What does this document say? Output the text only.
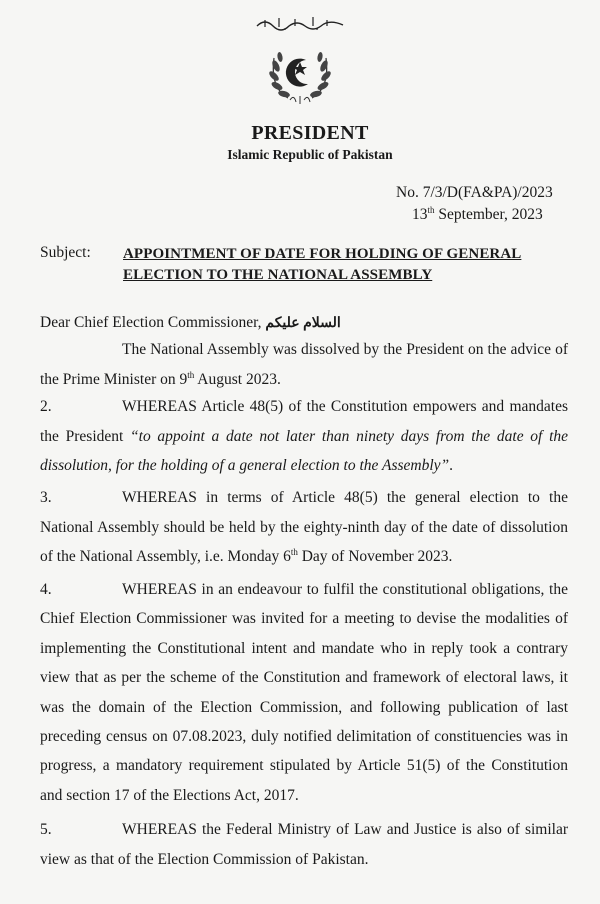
PRESIDENT
Islamic Republic of Pakistan
No. 7/3/D(FA&PA)/2023
13th September, 2023
Subject: APPOINTMENT OF DATE FOR HOLDING OF GENERAL ELECTION TO THE NATIONAL ASSEMBLY
Dear Chief Election Commissioner, السلام علیکم
The National Assembly was dissolved by the President on the advice of the Prime Minister on 9th August 2023.
2.	WHEREAS Article 48(5) of the Constitution empowers and mandates the President “to appoint a date not later than ninety days from the date of the dissolution, for the holding of a general election to the Assembly”.
3.	WHEREAS in terms of Article 48(5) the general election to the National Assembly should be held by the eighty-ninth day of the date of dissolution of the National Assembly, i.e. Monday 6th Day of November 2023.
4.	WHEREAS in an endeavour to fulfil the constitutional obligations, the Chief Election Commissioner was invited for a meeting to devise the modalities of implementing the Constitutional intent and mandate who in reply took a contrary view that as per the scheme of the Constitution and framework of electoral laws, it was the domain of the Election Commission, and following publication of last preceding census on 07.08.2023, duly notified delimitation of constituencies was in progress, a mandatory requirement stipulated by Article 51(5) of the Constitution and section 17 of the Elections Act, 2017.
5.	WHEREAS the Federal Ministry of Law and Justice is also of similar view as that of the Election Commission of Pakistan.
